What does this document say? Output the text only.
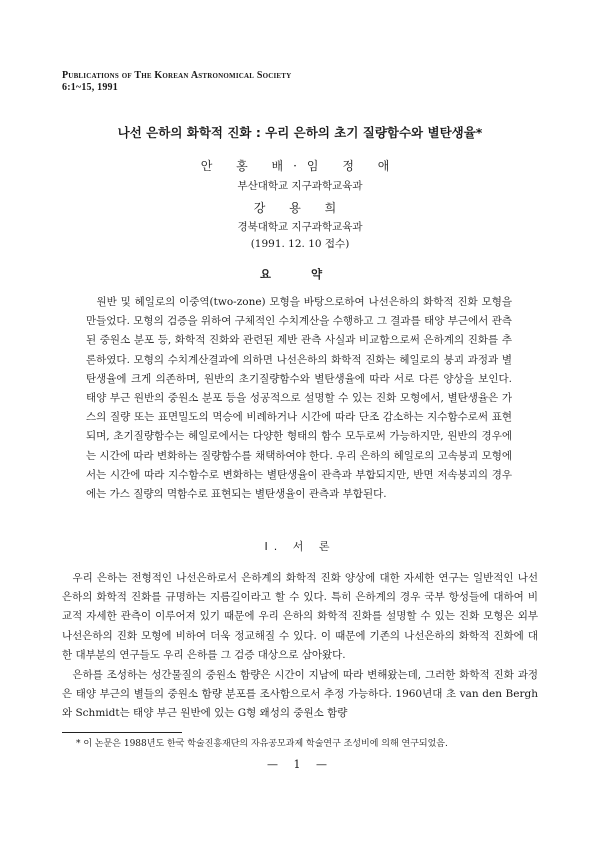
Publications of The Korean Astronomical Society
6:1~15, 1991
나선 은하의 화학적 진화 : 우리 은하의 초기 질량함수와 별탄생율*
안 홍 배·임 정 애
부산대학교 지구과학교육과
강 용 희
경북대학교 지구과학교육과
(1991. 12. 10 접수)
요 약

원반 및 헤일로의 이중역(two-zone) 모형을 바탕으로하여 나선은하의 화학적 진화 모형을 만들었다. 모형의 검증을 위하여 구체적인 수치계산을 수행하고 그 결과를 태양 부근에서 관측된 중원소 분포 등, 화학적 진화와 관련된 제반 관측 사실과 비교함으로써 은하계의 진화를 추론하였다. 모형의 수치계산결과에 의하면 나선은하의 화학적 진화는 헤일로의 붕괴 과정과 별탄생율에 크게 의존하며, 원반의 초기질량함수와 별탄생율에 따라 서로 다른 양상을 보인다. 태양 부근 원반의 중원소 분포 등을 성공적으로 설명할 수 있는 진화 모형에서, 별탄생율은 가스의 질량 또는 표면밀도의 멱승에 비례하거나 시간에 따라 단조 감소하는 지수함수로써 표현되며, 초기질량함수는 헤일로에서는 다양한 형태의 함수 모두로써 가능하지만, 원반의 경우에는 시간에 따라 변화하는 질량함수를 채택하여야 한다. 우리 은하의 헤일로의 고속붕괴 모형에서는 시간에 따라 지수함수로 변화하는 별탄생율이 관측과 부합되지만, 반면 저속붕괴의 경우에는 가스 질량의 멱함수로 표현되는 별탄생율이 관측과 부합된다.

I. 서 론

우리 은하는 전형적인 나선은하로서 은하계의 화학적 진화 양상에 대한 자세한 연구는 일반적인 나선은하의 화학적 진화를 규명하는 지름길이라고 할 수 있다. 특히 은하계의 경우 국부 항성들에 대하여 비교적 자세한 관측이 이루어져 있기 때문에 우리 은하의 화학적 진화를 설명할 수 있는 진화 모형은 외부 나선은하의 진화 모형에 비하여 더욱 정교해질 수 있다. 이 때문에 기존의 나선은하의 화학적 진화에 대한 대부분의 연구들도 우리 은하를 그 검증 대상으로 삼아왔다.

은하를 조성하는 성간물질의 중원소 함량은 시간이 지남에 따라 변해왔는데, 그러한 화학적 진화 과정은 태양 부근의 별들의 중원소 함량 분포를 조사함으로서 추정 가능하다. 1960년대 초 van den Bergh와 Schmidt는 태양 부근 원반에 있는 G형 왜성의 중원소 함량

* 이 논문은 1988년도 한국 학술진흥재단의 자유공모과제 학술연구 조성비에 의해 연구되었음.
— 1 —
